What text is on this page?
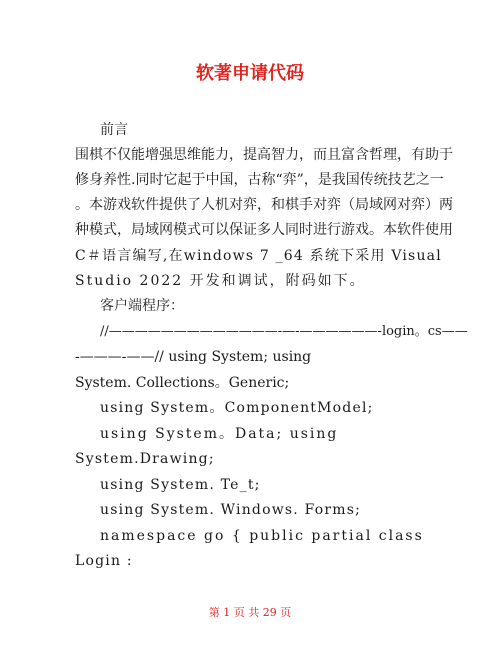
软著申请代码
前言
围棋不仅能增强思维能力，提高智力，而且富含哲理，有助于
修身养性.同时它起于中国，古称“弈”，是我国传统技艺之一
。本游戏软件提供了人机对弈，和棋手对弈（局域网对弈）两
种模式，局域网模式可以保证多人同时进行游戏。本软件使用
C＃语言编写,在windows 7 _64 系统下采用 Visual
Studio 2022 开发和调试，附码如下。
客户端程序：
//—————————————-—-——————-login。cs——
-———-——// using System; using
System. Collections。Generic;
using System。ComponentModel;
using System。Data; using
System.Drawing;
using System. Te_t;
using System. Windows. Forms;
namespace go { public partial class
Login :
第 1 页 共 29 页
